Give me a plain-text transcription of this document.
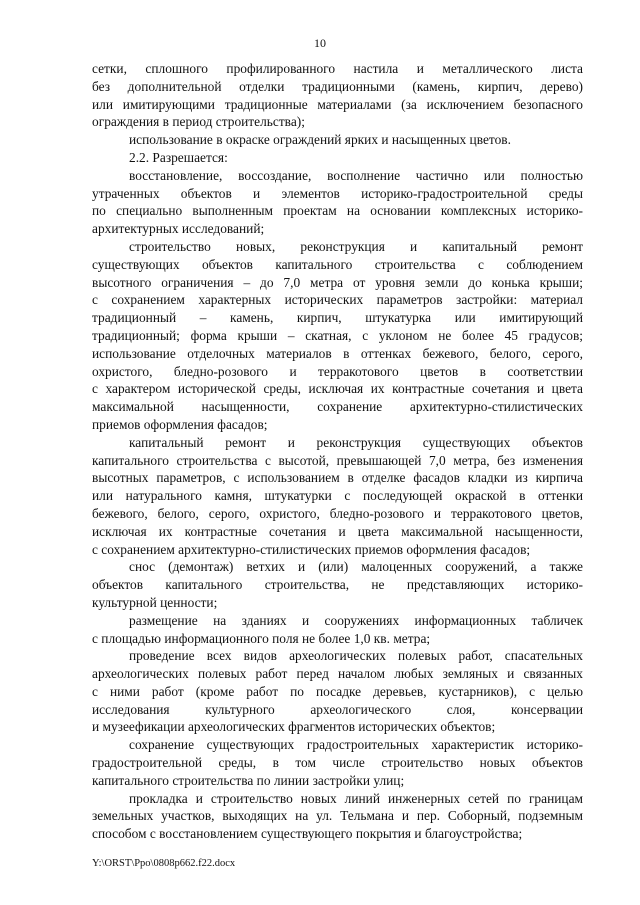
10
сетки, сплошного профилированного настила и металлического листа
без дополнительной отделки традиционными (камень, кирпич, дерево)
или имитирующими традиционные материалами (за исключением безопасного
ограждения в период строительства);
использование в окраске ограждений ярких и насыщенных цветов.
2.2. Разрешается:
восстановление, воссоздание, восполнение частично или полностью
утраченных объектов и элементов историко-градостроительной среды
по специально выполненным проектам на основании комплексных историко-
архитектурных исследований;
строительство новых, реконструкция и капитальный ремонт
существующих объектов капитального строительства с соблюдением
высотного ограничения – до 7,0 метра от уровня земли до конька крыши;
с сохранением характерных исторических параметров застройки: материал
традиционный – камень, кирпич, штукатурка или имитирующий
традиционный; форма крыши – скатная, с уклоном не более 45 градусов;
использование отделочных материалов в оттенках бежевого, белого, серого,
охристого, бледно-розового и терракотового цветов в соответствии
с характером исторической среды, исключая их контрастные сочетания и цвета
максимальной насыщенности, сохранение архитектурно-стилистических
приемов оформления фасадов;
капитальный ремонт и реконструкция существующих объектов
капитального строительства с высотой, превышающей 7,0 метра, без изменения
высотных параметров, с использованием в отделке фасадов кладки из кирпича
или натурального камня, штукатурки с последующей окраской в оттенки
бежевого, белого, серого, охристого, бледно-розового и терракотового цветов,
исключая их контрастные сочетания и цвета максимальной насыщенности,
с сохранением архитектурно-стилистических приемов оформления фасадов;
снос (демонтаж) ветхих и (или) малоценных сооружений, а также
объектов капитального строительства, не представляющих историко-
культурной ценности;
размещение на зданиях и сооружениях информационных табличек
с площадью информационного поля не более 1,0 кв. метра;
проведение всех видов археологических полевых работ, спасательных
археологических полевых работ перед началом любых земляных и связанных
с ними работ (кроме работ по посадке деревьев, кустарников), с целью
исследования культурного археологического слоя, консервации
и музеефикации археологических фрагментов исторических объектов;
сохранение существующих градостроительных характеристик историко-
градостроительной среды, в том числе строительство новых объектов
капитального строительства по линии застройки улиц;
прокладка и строительство новых линий инженерных сетей по границам
земельных участков, выходящих на ул. Тельмана и пер. Соборный, подземным
способом с восстановлением существующего покрытия и благоустройства;
Y:\ORST\Ppo\0808p662.f22.docx
